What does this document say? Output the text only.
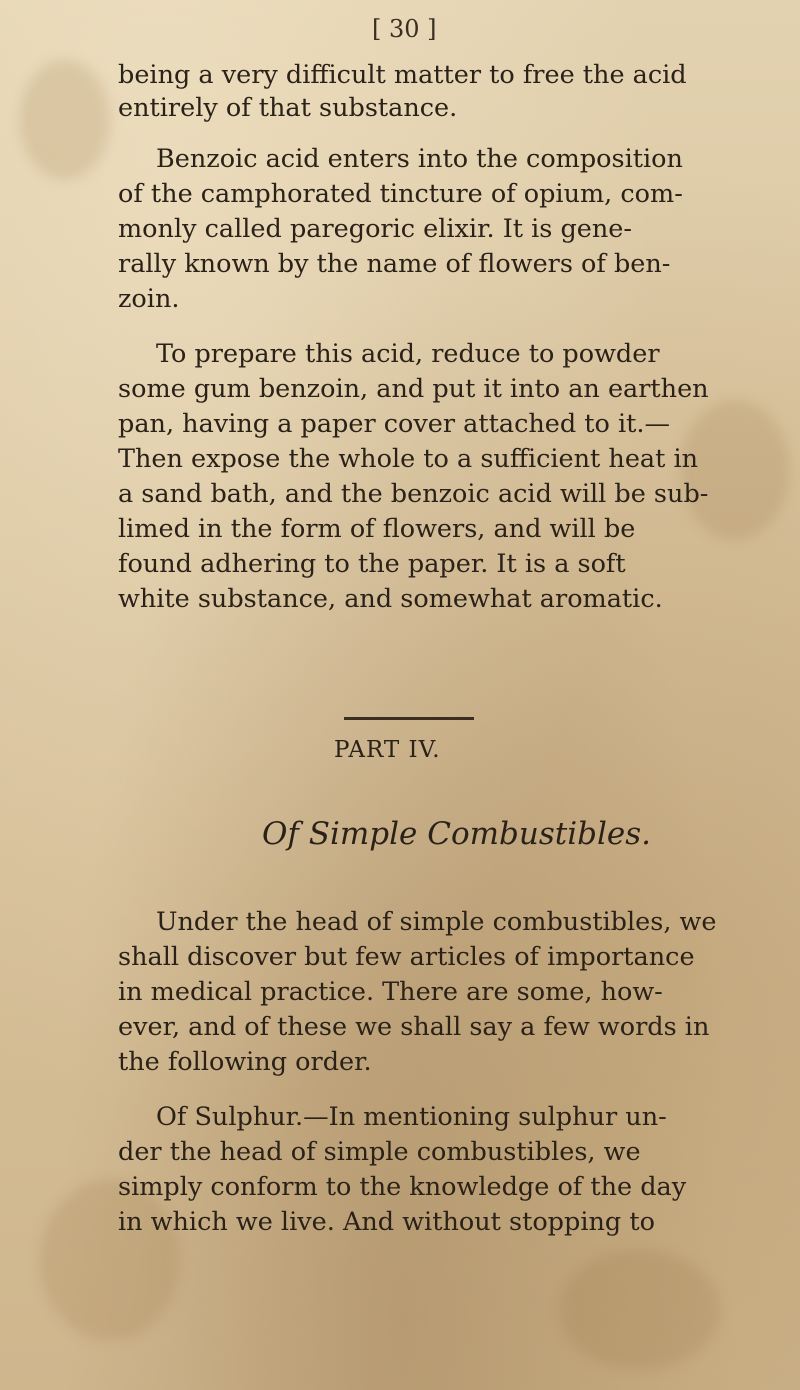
[ 30 ]
being a very difficult matter to free the acid
entirely of that substance.
Benzoic acid enters into the composition
of the camphorated tincture of opium, com-
monly called paregoric elixir. It is gene-
rally known by the name of flowers of ben-
zoin.
To prepare this acid, reduce to powder
some gum benzoin, and put it into an earthen
pan, having a paper cover attached to it.—
Then expose the whole to a sufficient heat in
a sand bath, and the benzoic acid will be sub-
limed in the form of flowers, and will be
found adhering to the paper. It is a soft
white substance, and somewhat aromatic.
PART IV.
Of Simple Combustibles.
Under the head of simple combustibles, we
shall discover but few articles of importance
in medical practice. There are some, how-
ever, and of these we shall say a few words in
the following order.
Of Sulphur.—In mentioning sulphur un-
der the head of simple combustibles, we
simply conform to the knowledge of the day
in which we live. And without stopping to
